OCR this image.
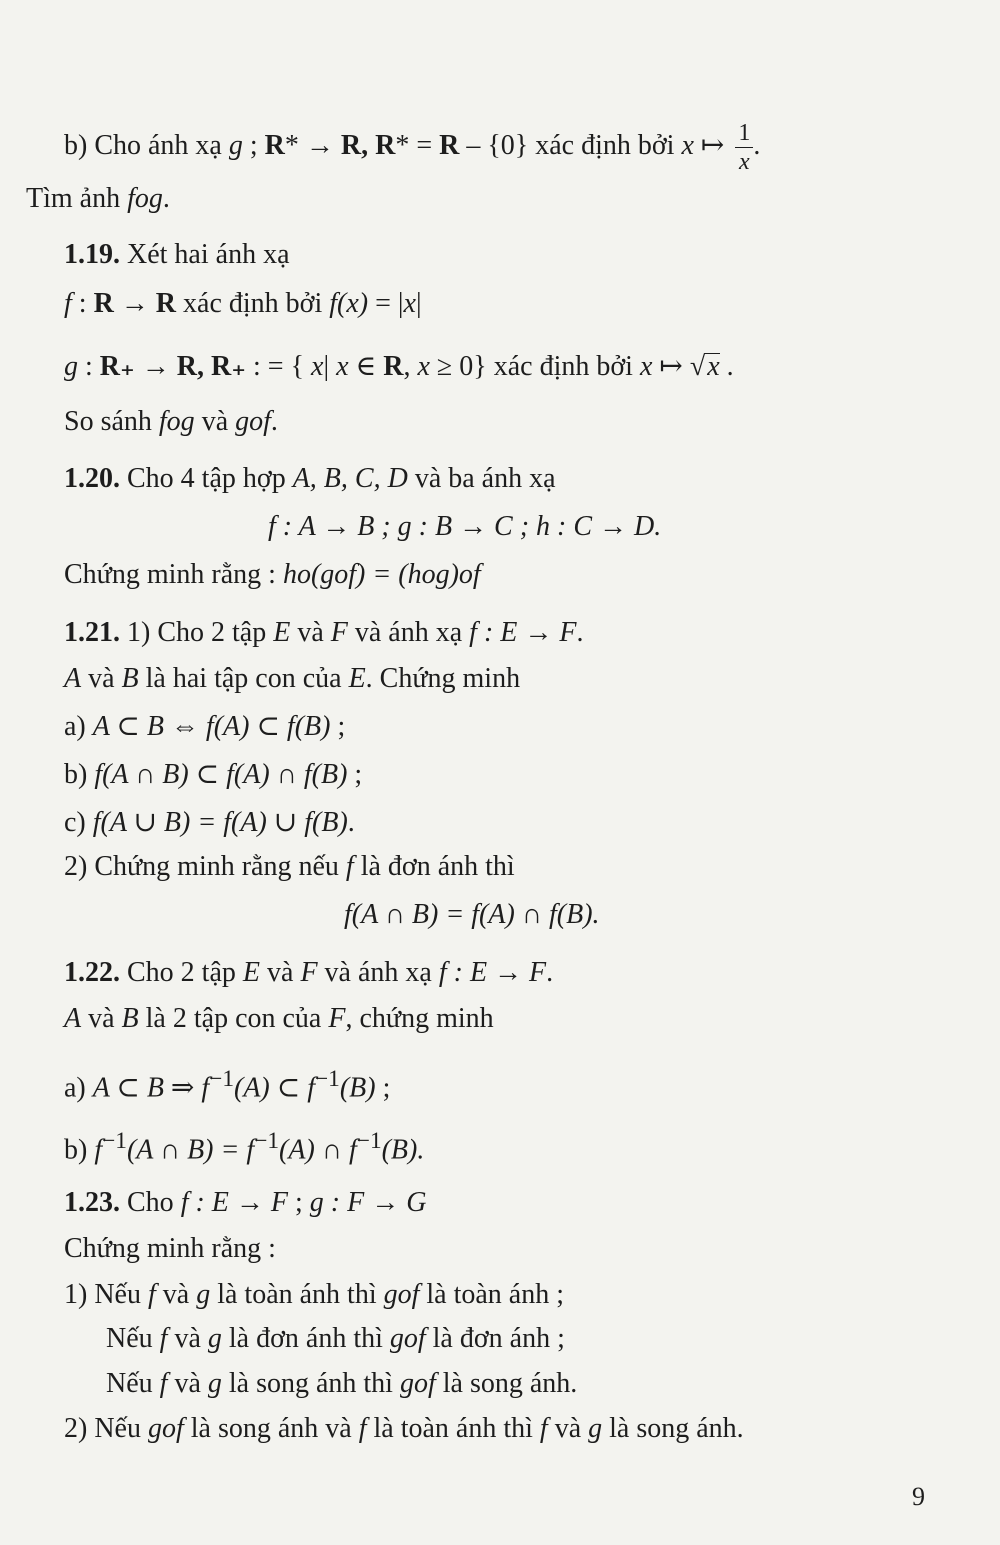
b) Cho ánh xạ g ; R* → R, R* = R – {0} xác định bởi x ↦ $\frac{1}{x}$.
Tìm ảnh fog.
1.19. Xét hai ánh xạ
f : R → R xác định bởi f(x) = |x|
g : R₊ → R, R₊ : = { x| x ∈ R, x ≥ 0} xác định bởi x ↦ √x .
So sánh fog và gof.
1.20. Cho 4 tập hợp A, B, C, D và ba ánh xạ
f : A → B ; g : B → C ; h : C → D.
Chứng minh rằng : ho(gof) = (hog)of
1.21. 1) Cho 2 tập E và F và ánh xạ f : E → F.
A và B là hai tập con của E. Chứng minh
a) A ⊂ B ⇔ f(A) ⊂ f(B) ;
b) f(A ∩ B) ⊂ f(A) ∩ f(B) ;
c) f(A ∪ B) = f(A) ∪ f(B).
2) Chứng minh rằng nếu f là đơn ánh thì
f(A ∩ B) = f(A) ∩ f(B).
1.22. Cho 2 tập E và F và ánh xạ f : E → F.
A và B là 2 tập con của F, chứng minh
a) A ⊂ B ⇒ $f^{-1}(A)$ ⊂ $f^{-1}(B)$ ;
b) $f^{-1}(A$ ∩ $B) = f^{-1}(A)$ ∩ $f^{-1}(B)$.
1.23. Cho f : E → F ; g : F → G
Chứng minh rằng :
1) Nếu f và g là toàn ánh thì gof là toàn ánh ;
Nếu f và g là đơn ánh thì gof là đơn ánh ;
Nếu f và g là song ánh thì gof là song ánh.
2) Nếu gof là song ánh và f là toàn ánh thì f và g là song ánh.
9
